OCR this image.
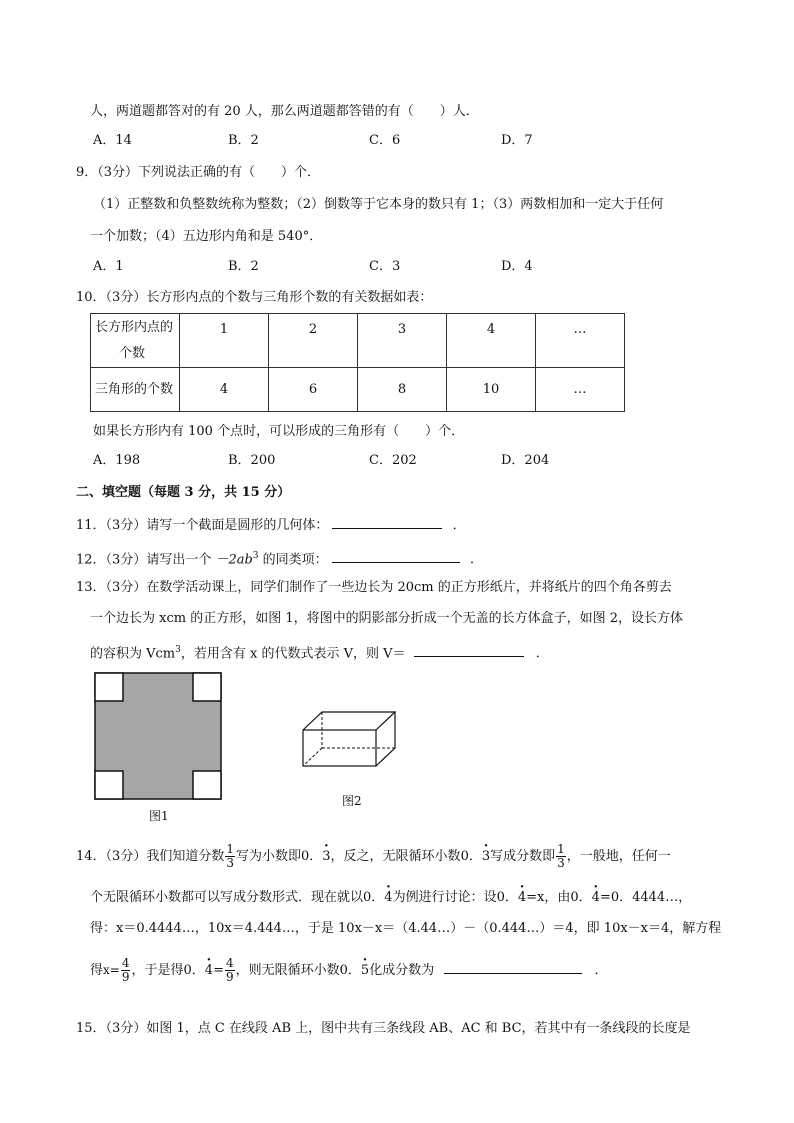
人，两道题都答对的有 20 人，那么两道题都答错的有（　　）人．
A．14	B．2	C．6	D．7
9．（3分）下列说法正确的有（　　）个．
（1）正整数和负整数统称为整数；（2）倒数等于它本身的数只有 1；（3）两数相加和一定大于任何
一个加数；（4）五边形内角和是 540°．
A．1	B．2	C．3	D．4
10．（3分）长方形内点的个数与三角形个数的有关数据如表：
长方形内点的
个数	1	2	3	4	…
三角形的个数	4	6	8	10	…
如果长方形内有 100 个点时，可以形成的三角形有（　　）个．
A．198	B．200	C．202	D．204
二、填空题（每题 3 分，共 15 分）
11．（3分）请写一个截面是圆形的几何体：	．
12．（3分）请写出一个 $-2ab^3$ 的同类项：	．
13．（3分）在数学活动课上，同学们制作了一些边长为 20cm 的正方形纸片，并将纸片的四个角各剪去
一个边长为 xcm 的正方形，如图 1，将图中的阴影部分折成一个无盖的长方体盒子，如图 2，设长方体
的容积为 Vcm$^3$，若用含有 x 的代数式表示 V，则 V＝	．
图1
图2
14．（3分）我们知道分数 $\frac{1}{3}$ 写为小数即0．· 3，反之，无限循环小数0．· 3写成分数即 $\frac{1}{3}$ ，一般地，任何一
个无限循环小数都可以写成分数形式．现在就以0．· 4为例进行讨论：设0．· 4=x，由0．· 4=0．4444…，
得：x＝0.4444…，10x＝4.444…，于是 10x－x＝（4.44…）－（0.444…）＝4，即 10x－x＝4，解方程
得$x= \frac{4}{9}$ ，于是得0．· $4= \frac{4}{9}$ ，则无限循环小数0．· 5化成分数为	．
15．（3分）如图 1，点 C 在线段 AB 上，图中共有三条线段 AB、AC 和 BC，若其中有一条线段的长度是
